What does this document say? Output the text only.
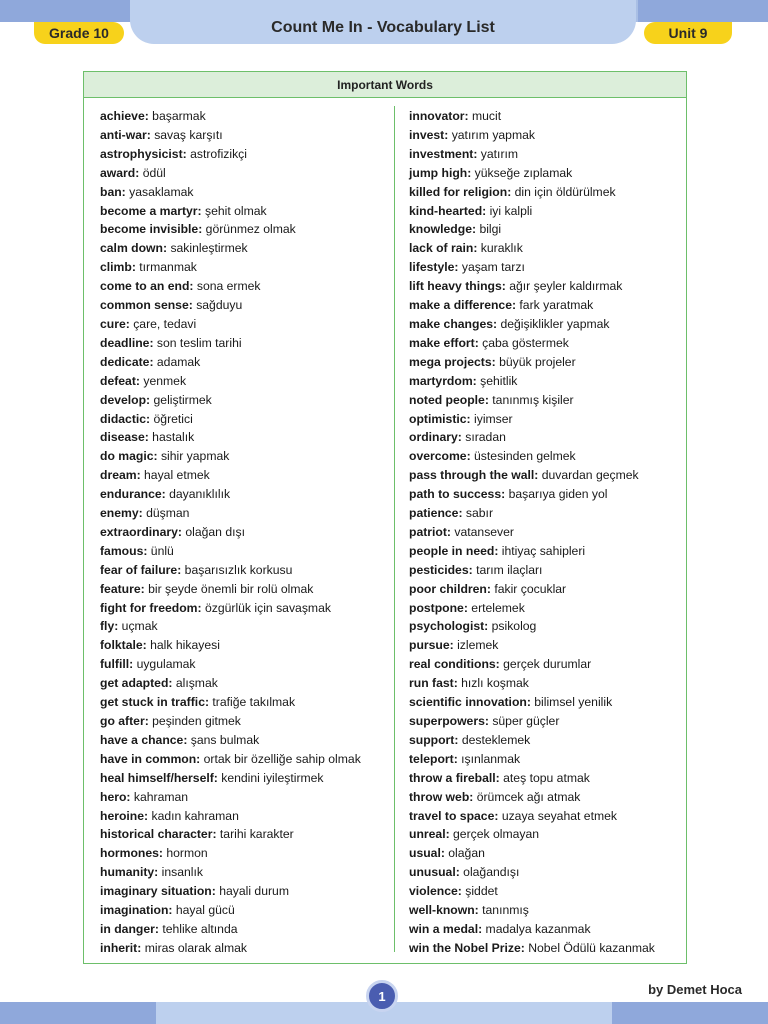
Count Me In - Vocabulary List
Grade 10	Unit 9
Important Words
achieve: başarmak
anti-war: savaş karşıtı
astrophysicist: astrofizikçi
award: ödül
ban: yasaklamak
become a martyr: şehit olmak
become invisible: görünmez olmak
calm down: sakinleştirmek
climb: tırmanmak
come to an end: sona ermek
common sense: sağduyu
cure: çare, tedavi
deadline: son teslim tarihi
dedicate: adamak
defeat: yenmek
develop: geliştirmek
didactic: öğretici
disease: hastalık
do magic: sihir yapmak
dream: hayal etmek
endurance: dayanıklılık
enemy: düşman
extraordinary: olağan dışı
famous: ünlü
fear of failure: başarısızlık korkusu
feature: bir şeyde önemli bir rolü olmak
fight for freedom: özgürlük için savaşmak
fly: uçmak
folktale: halk hikayesi
fulfill: uygulamak
get adapted: alışmak
get stuck in traffic: trafiğe takılmak
go after: peşinden gitmek
have a chance: şans bulmak
have in common: ortak bir özelliğe sahip olmak
heal himself/herself: kendini iyileştirmek
hero: kahraman
heroine: kadın kahraman
historical character: tarihi karakter
hormones: hormon
humanity: insanlık
imaginary situation: hayali durum
imagination: hayal gücü
in danger: tehlike altında
inherit: miras olarak almak
innovator: mucit
invest: yatırım yapmak
investment: yatırım
jump high: yükseğe zıplamak
killed for religion: din için öldürülmek
kind-hearted: iyi kalpli
knowledge: bilgi
lack of rain: kuraklık
lifestyle: yaşam tarzı
lift heavy things: ağır şeyler kaldırmak
make a difference: fark yaratmak
make changes: değişiklikler yapmak
make effort: çaba göstermek
mega projects: büyük projeler
martyrdom: şehitlik
noted people: tanınmış kişiler
optimistic: iyimser
ordinary: sıradan
overcome: üstesinden gelmek
pass through the wall: duvardan geçmek
path to success: başarıya giden yol
patience: sabır
patriot: vatansever
people in need: ihtiyaç sahipleri
pesticides: tarım ilaçları
poor children: fakir çocuklar
postpone: ertelemek
psychologist: psikolog
pursue: izlemek
real conditions: gerçek durumlar
run fast: hızlı koşmak
scientific innovation: bilimsel yenilik
superpowers: süper güçler
support: desteklemek
teleport: ışınlanmak
throw a fireball: ateş topu atmak
throw web: örümcek ağı atmak
travel to space: uzaya seyahat etmek
unreal: gerçek olmayan
usual: olağan
unusual: olağandışı
violence: şiddet
well-known: tanınmış
win a medal: madalya kazanmak
win the Nobel Prize: Nobel Ödülü kazanmak
1	by Demet Hoca
